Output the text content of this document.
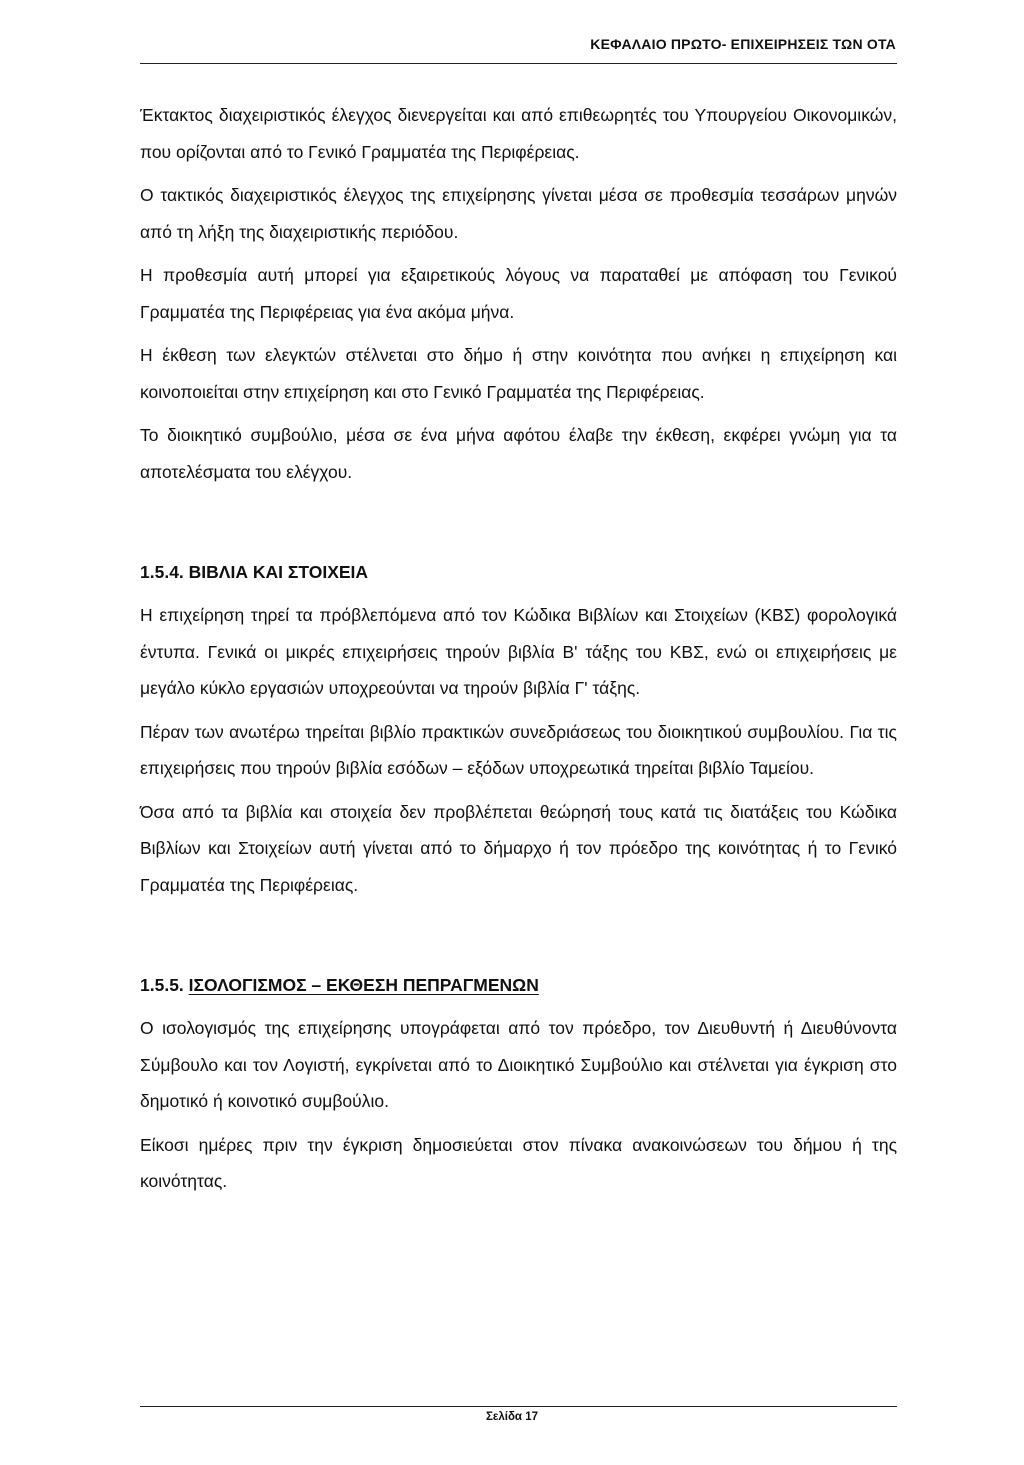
ΚΕΦΑΛΑΙΟ ΠΡΩΤΟ- ΕΠΙΧΕΙΡΗΣΕΙΣ ΤΩΝ ΟΤΑ

Έκτακτος διαχειριστικός έλεγχος διενεργείται και από επιθεωρητές του Υπουργείου Οικονομικών, που ορίζονται από το Γενικό Γραμματέα της Περιφέρειας.

Ο τακτικός διαχειριστικός έλεγχος της επιχείρησης γίνεται μέσα σε προθεσμία τεσσάρων μηνών από τη λήξη της διαχειριστικής περιόδου.

Η προθεσμία αυτή μπορεί για εξαιρετικούς λόγους να παραταθεί με απόφαση του Γενικού Γραμματέα της Περιφέρειας για ένα ακόμα μήνα.

Η έκθεση των ελεγκτών στέλνεται στο δήμο ή στην κοινότητα που ανήκει η επιχείρηση και κοινοποιείται στην επιχείρηση και στο Γενικό Γραμματέα της Περιφέρειας.

Το διοικητικό συμβούλιο, μέσα σε ένα μήνα αφότου έλαβε την έκθεση, εκφέρει γνώμη για τα αποτελέσματα του ελέγχου.

1.5.4. ΒΙΒΛΙΑ ΚΑΙ ΣΤΟΙΧΕΙΑ

Η επιχείρηση τηρεί τα πρόβλεπόμενα από τον Κώδικα Βιβλίων και Στοιχείων (ΚΒΣ) φορολογικά έντυπα. Γενικά οι μικρές επιχειρήσεις τηρούν βιβλία Β' τάξης του ΚΒΣ, ενώ οι επιχειρήσεις με μεγάλο κύκλο εργασιών υποχρεούνται να τηρούν βιβλία Γ' τάξης.

Πέραν των ανωτέρω τηρείται βιβλίο πρακτικών συνεδριάσεως του διοικητικού συμβουλίου. Για τις επιχειρήσεις που τηρούν βιβλία εσόδων – εξόδων υποχρεωτικά τηρείται βιβλίο Ταμείου.

Όσα από τα βιβλία και στοιχεία δεν προβλέπεται θεώρησή τους κατά τις διατάξεις του Κώδικα Βιβλίων και Στοιχείων αυτή γίνεται από το δήμαρχο ή τον πρόεδρο της κοινότητας ή το Γενικό Γραμματέα της Περιφέρειας.

1.5.5. ΙΣΟΛΟΓΙΣΜΟΣ – ΕΚΘΕΣΗ ΠΕΠΡΑΓΜΕΝΩΝ

Ο ισολογισμός της επιχείρησης υπογράφεται από τον πρόεδρο, τον Διευθυντή ή Διευθύνοντα Σύμβουλο και τον Λογιστή, εγκρίνεται από το Διοικητικό Συμβούλιο και στέλνεται για έγκριση στο δημοτικό ή κοινοτικό συμβούλιο.

Είκοσι ημέρες πριν την έγκριση δημοσιεύεται στον πίνακα ανακοινώσεων του δήμου ή της κοινότητας.

Σελίδα 17
